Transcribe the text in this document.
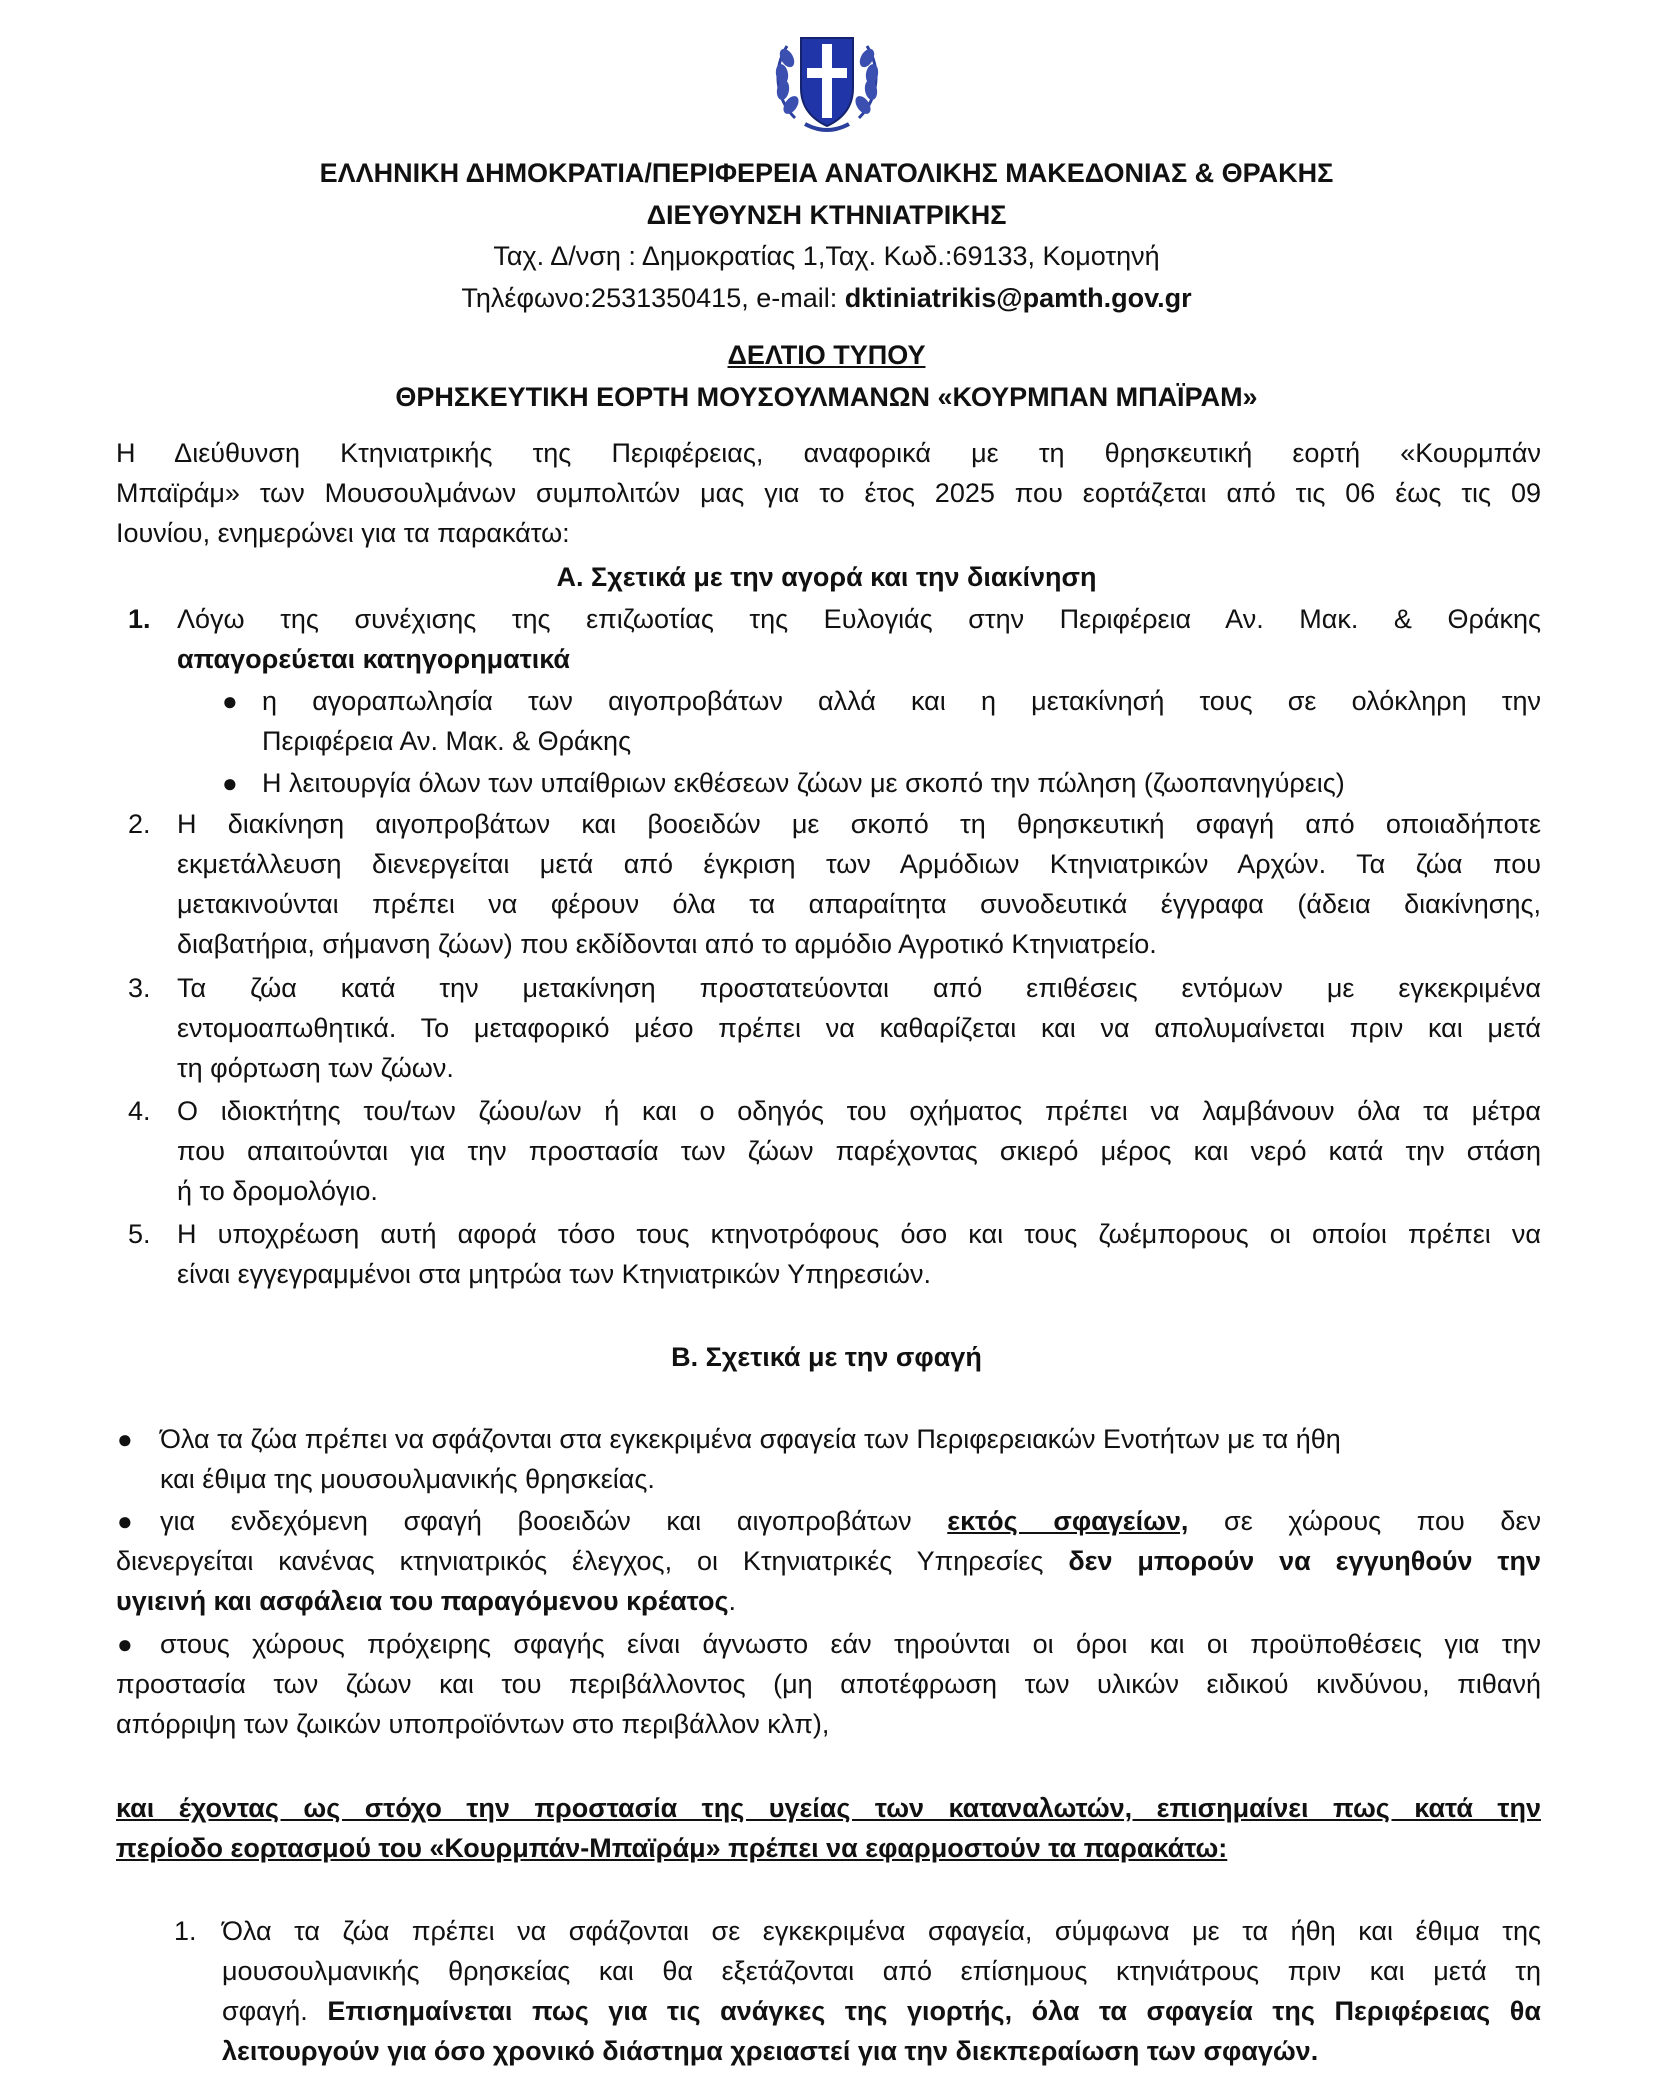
ΕΛΛΗΝΙΚΗ ΔΗΜΟΚΡΑΤΙΑ/ΠΕΡΙΦΕΡΕΙΑ ΑΝΑΤΟΛΙΚΗΣ ΜΑΚΕΔΟΝΙΑΣ & ΘΡΑΚΗΣ
ΔΙΕΥΘΥΝΣΗ ΚΤΗΝΙΑΤΡΙΚΗΣ
Ταχ. Δ/νση : Δημοκρατίας 1,Ταχ. Κωδ.:69133, Κομοτηνή
Τηλέφωνο:2531350415, e-mail: dktiniatrikis@pamth.gov.gr
ΔΕΛΤΙΟ ΤΥΠΟΥ
ΘΡΗΣΚΕΥΤΙΚΗ ΕΟΡΤΗ ΜΟΥΣΟΥΛΜΑΝΩΝ «ΚΟΥΡΜΠΑΝ ΜΠΑΪΡΑΜ»
Η Διεύθυνση Κτηνιατρικής της Περιφέρειας, αναφορικά με τη θρησκευτική εορτή «Κουρμπάν
Μπαϊράμ» των Μουσουλμάνων συμπολιτών μας για το έτος 2025 που εορτάζεται από τις 06 έως τις 09
Ιουνίου, ενημερώνει για τα παρακάτω:
Α. Σχετικά με την αγορά και την διακίνηση
1. Λόγω της συνέχισης της επιζωοτίας της Ευλογιάς στην Περιφέρεια Αν. Μακ. & Θράκης
απαγορεύεται κατηγορηματικά
● η αγοραπωλησία των αιγοπροβάτων αλλά και η μετακίνησή τους σε ολόκληρη την
Περιφέρεια Αν. Μακ. & Θράκης
● Η λειτουργία όλων των υπαίθριων εκθέσεων ζώων με σκοπό την πώληση (ζωοπανηγύρεις)
2. Η διακίνηση αιγοπροβάτων και βοοειδών με σκοπό τη θρησκευτική σφαγή από οποιαδήποτε
εκμετάλλευση διενεργείται μετά από έγκριση των Αρμόδιων Κτηνιατρικών Αρχών. Τα ζώα που
μετακινούνται πρέπει να φέρουν όλα τα απαραίτητα συνοδευτικά έγγραφα (άδεια διακίνησης,
διαβατήρια, σήμανση ζώων) που εκδίδονται από το αρμόδιο Αγροτικό Κτηνιατρείο.
3. Τα ζώα κατά την μετακίνηση προστατεύονται από επιθέσεις εντόμων με εγκεκριμένα
εντομοαπωθητικά. Το μεταφορικό μέσο πρέπει να καθαρίζεται και να απολυμαίνεται πριν και μετά
τη φόρτωση των ζώων.
4. Ο ιδιοκτήτης του/των ζώου/ων ή και ο οδηγός του οχήματος πρέπει να λαμβάνουν όλα τα μέτρα
που απαιτούνται για την προστασία των ζώων παρέχοντας σκιερό μέρος και νερό κατά την στάση
ή το δρομολόγιο.
5. Η υποχρέωση αυτή αφορά τόσο τους κτηνοτρόφους όσο και τους ζωέμπορους οι οποίοι πρέπει να
είναι εγγεγραμμένοι στα μητρώα των Κτηνιατρικών Υπηρεσιών.
Β. Σχετικά με την σφαγή
● Όλα τα ζώα πρέπει να σφάζονται στα εγκεκριμένα σφαγεία των Περιφερειακών Ενοτήτων με τα ήθη
και έθιμα της μουσουλμανικής θρησκείας.
●	για ενδεχόμενη σφαγή βοοειδών και αιγοπροβάτων εκτός σφαγείων, σε χώρους που δεν
διενεργείται κανένας κτηνιατρικός έλεγχος, οι Κτηνιατρικές Υπηρεσίες δεν μπορούν να εγγυηθούν την
υγιεινή και ασφάλεια του παραγόμενου κρέατος.
●	στους χώρους πρόχειρης σφαγής είναι άγνωστο εάν τηρούνται οι όροι και οι προϋποθέσεις για την
προστασία των ζώων και του περιβάλλοντος (μη αποτέφρωση των υλικών ειδικού κινδύνου, πιθανή
απόρριψη των ζωικών υποπροϊόντων στο περιβάλλον κλπ),
και έχοντας ως στόχο την προστασία της υγείας των καταναλωτών, επισημαίνει πως κατά την
περίοδο εορτασμού του «Κουρμπάν-Μπαϊράμ» πρέπει να εφαρμοστούν τα παρακάτω:
1. Όλα τα ζώα πρέπει να σφάζονται σε εγκεκριμένα σφαγεία, σύμφωνα με τα ήθη και έθιμα της
μουσουλμανικής θρησκείας και θα εξετάζονται από επίσημους κτηνιάτρους πριν και μετά τη
σφαγή. Επισημαίνεται πως για τις ανάγκες της γιορτής, όλα τα σφαγεία της Περιφέρειας θα
λειτουργούν για όσο χρονικό διάστημα χρειαστεί για την διεκπεραίωση των σφαγών.
